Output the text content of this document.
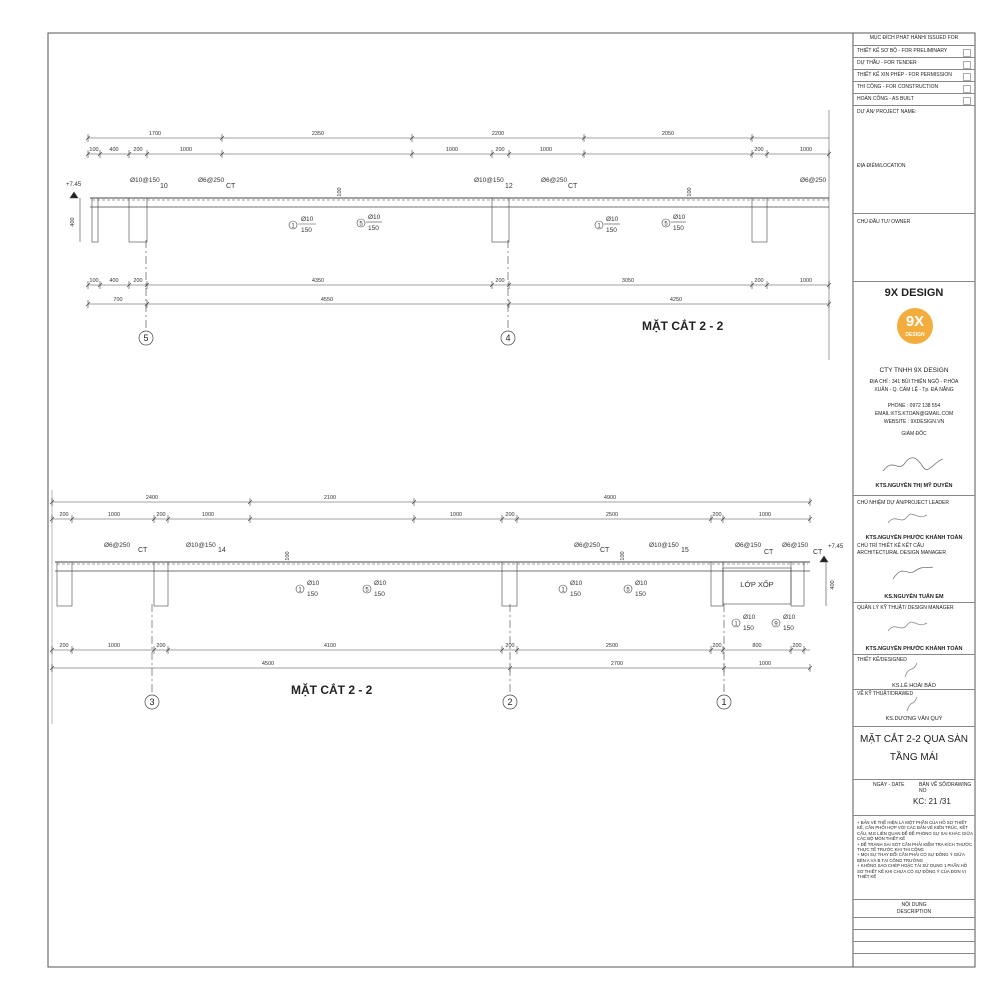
1700	2350	2200	2050
100 400	200	1000	1000	200	1000	200	1000
100 400	200	4350	200	3050	200	1000
700	4550	4250
+7.45
400
100	100
Ø10@150
10
Ø6@250
CT
Ø10@150
12
Ø6@250
CT
Ø6@250
1
Ø10
150
5
Ø10
150	1
Ø10
150
5
Ø10
150
5	4
MẶT CẮT 2 - 2
2400	2100	4900
200	1000	200	1000	1000	200	2500	200	1000
200	1000	200	4100	200	2500	200	800	200
4500	2700	1000
+7.45
400
100	100
LỚP XỐP
Ø6@250
CT
Ø10@150
14
Ø6@250
CT
Ø10@150
15
Ø6@150
CT
Ø6@150
CT
1
Ø10
150
5
Ø10
150
1
Ø10
150
5
Ø10
150
1
Ø10
150
9
Ø10
150
3	2	1
MẶT CẮT 2 - 2
MỤC ĐÍCH PHÁT HÀNH/ ISSUED FOR
THIẾT KẾ SƠ BỘ - FOR PRELIMINARY
DỰ THẦU - FOR TENDER
THIẾT KẾ XIN PHÉP - FOR PERMISSION
THI CÔNG - FOR CONSTRUCTION
HOÀN CÔNG - AS BUILT
DỰ ÁN/ PROJECT NAME:
ĐỊA ĐIỂM/LOCATION
CHỦ ĐẦU TƯ/ OWNER
9X DESIGN
9X
DESIGN
CTY TNHH 9X DESIGN
ĐỊA CHỈ : 341 BÙI THIỆN NGỘ - P.HÒA
XUÂN - Q. CẨM LỆ - Tp. ĐÀ NẴNG
PHONE : 0972 138 554
EMAIL:KTS.KTOAN@GMAIL.COM
WEBSITE : 9XDESIGN.VN
GIÁM ĐỐC
KTS.NGUYỄN THỊ MỸ DUYÊN
CHỦ NHIỆM DỰ ÁN/PROJECT LEADER
KTS.NGUYỄN PHƯỚC KHÁNH TOÀN
CHỦ TRÌ THIẾT KẾ KẾT CẤU
ARCHITECTURAL DESIGN MANAGER
KS.NGUYỄN TUẤN EM
QUẢN LÝ KỸ THUẬT/ DESIGN MANAGER
KTS.NGUYỄN PHƯỚC KHÁNH TOÀN
THIẾT KẾ/DESIGNED
KS.LÊ HOÀI BẢO
VẼ KỸ THUẬT/DRAWED
KS.DƯƠNG VĂN QUÝ
MẶT CẮT 2-2 QUA SÀN
TẦNG MÁI
NGÀY - DATE	BẢN VẼ SỐ/DRAWING NO
KC: 21 /31
+ BẢN VẼ THỂ HIỆN LÀ MỘT PHẦN CỦA HỒ SƠ THIẾT KẾ, CẦN PHỐI HỢP VỚI CÁC BẢN VẼ KIẾN TRÚC, KẾT CẤU, M.E LIÊN QUAN ĐỂ ĐỀ PHÒNG SỰ SAI KHÁC GIỮA CÁC BỘ MÔN THIẾT KẾ
+ ĐỂ TRÁNH SAI SÓT CẦN PHẢI KIỂM TRA KÍCH THƯỚC THỰC TẾ TRƯỚC KHI THI CÔNG
+ MỌI SỰ THAY ĐỔI CẦN PHẢI CÓ SỰ ĐỒNG Ý GIỮA BÊN A VÀ B TẠI CÔNG TRƯỜNG
+ KHÔNG SAO CHÉP HOẶC TÁI SỬ DỤNG 1 PHẦN HỒ SƠ THIẾT KẾ KHI CHƯA CÓ SỰ ĐỒNG Ý CỦA ĐƠN VỊ THIẾT KẾ
NỘI DUNG
DESCRIPTION
